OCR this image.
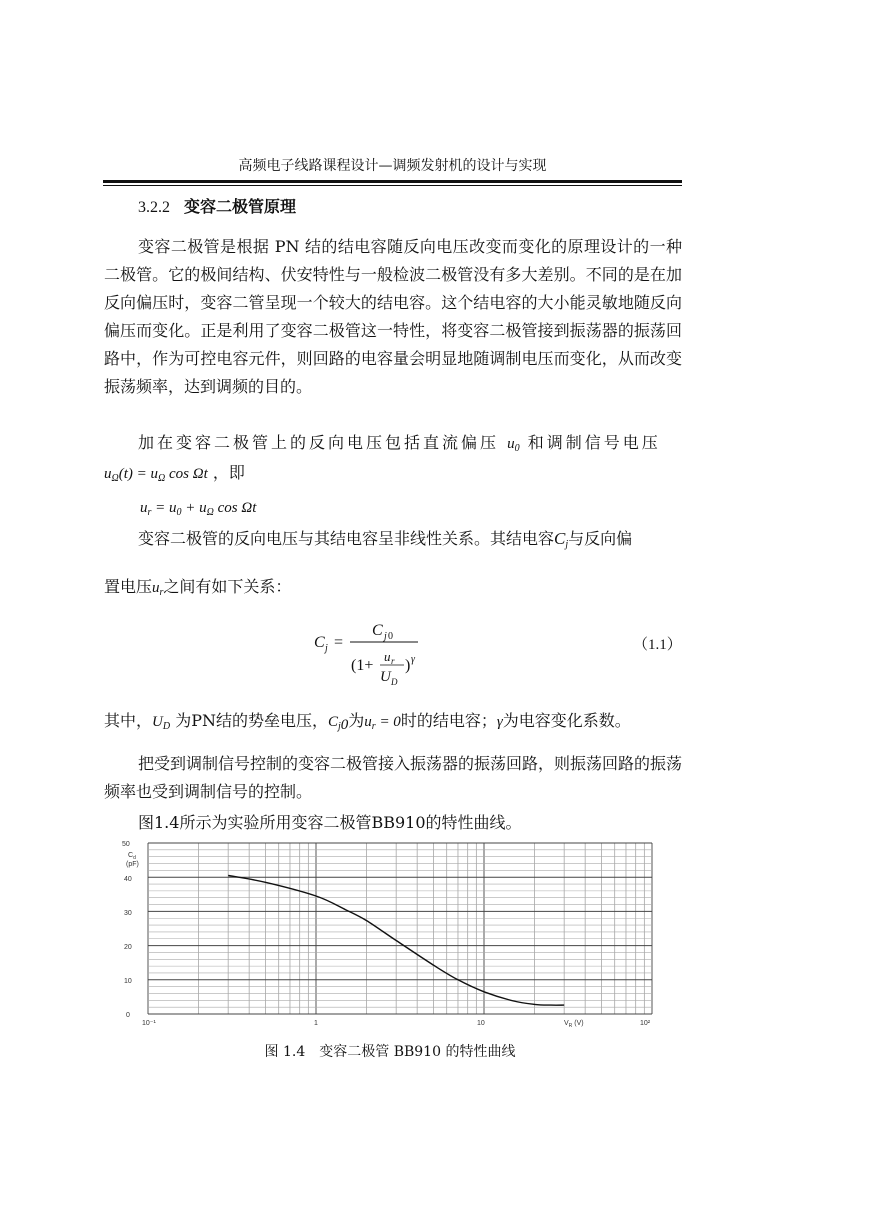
高频电子线路课程设计—调频发射机的设计与实现
3.2.2 变容二极管原理
变容二极管是根据 PN 结的结电容随反向电压改变而变化的原理设计的一种二极管。它的极间结构、伏安特性与一般检波二极管没有多大差别。不同的是在加反向偏压时，变容二管呈现一个较大的结电容。这个结电容的大小能灵敏地随反向偏压而变化。正是利用了变容二极管这一特性，将变容二极管接到振荡器的振荡回路中，作为可控电容元件，则回路的电容量会明显地随调制电压而变化，从而改变振荡频率，达到调频的目的。
加在变容二极管上的反向电压包括直流偏压 $u_0$ 和调制信号电压
$u_\Omega(t) = u_\Omega$ cos Ωt ，即
$u_r = u_0 + u_\Omega$ cos Ωt
变容二极管的反向电压与其结电容呈非线性关系。其结电容$C_j$与反向偏
置电压$u_r$之间有如下关系：
C j =
C j 0
(1+
u r
U D
) γ
（1.1）
其中，$U_D$ 为PN结的势垒电压，$C_{j0}$为$u_r = 0$时的结电容；γ为电容变化系数。
把受到调制信号控制的变容二极管接入振荡器的振荡回路，则振荡回路的振荡频率也受到调制信号的控制。
图1.4所示为实验所用变容二极管BB910的特性曲线。
50
40
30
20
10
0
$C_d$
(pF)
10⁻¹	1	10	10²
$V_R$ (V)
图 1.4　变容二极管 BB910 的特性曲线
